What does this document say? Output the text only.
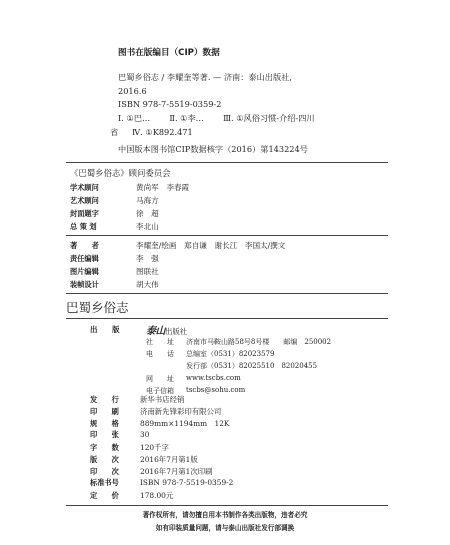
图书在版编目（CIP）数据
巴蜀乡俗志 / 李耀奎等著. — 济南：泰山出版社,
2016.6
ISBN 978-7-5519-0359-2
Ⅰ. ①巴… Ⅱ. ①李… Ⅲ. ①风俗习惯-介绍-四川
省 Ⅳ. ①K892.471
中国版本图书馆CIP数据核字（2016）第143224号
《巴蜀乡俗志》顾问委员会
学术顾问	黄尚军　李春霞
艺术顾问	马海方
封面题字	徐　超
总 策 划	李北山
著　　者	李耀奎/绘画　郑自谦　谢长江　李国太/撰文
责任编辑	李　强
图片编辑	图联社
装帧设计	胡大伟
巴蜀乡俗志
出　　版	泰山出版社
社　　址 济南市马鞍山路58号8号楼　　邮编　250002
电　　话 总编室（0531）82023579
发行部（0531）82025510　82020455
网　　址 www.tscbs.com
电子信箱 tscbs@sohu.com
发　　行	新华书店经销
印　　刷	济南新先锋彩印有限公司
规　　格	889mm×1194mm　12K
印　　张	30
字　　数	120千字
版　　次	2016年7月第1版
印　　次	2016年7月第1次印刷
标准书号	ISBN 978-7-5519-0359-2
定　　价	178.00元
著作权所有，请勿擅自用本书制作各类出版物，违者必究
如有印装质量问题，请与泰山出版社发行部调换
